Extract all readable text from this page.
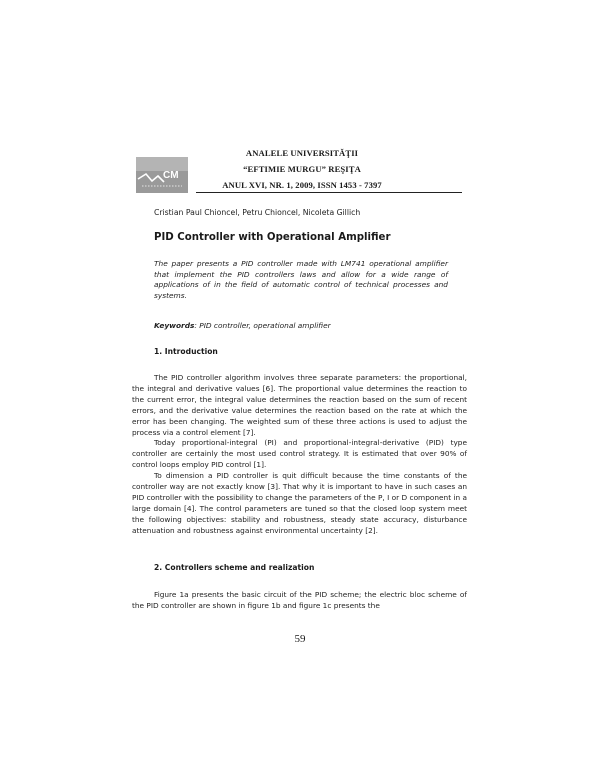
CM
ANALELE UNIVERSITĂŢII
“EFTIMIE MURGU” REŞIŢA
ANUL XVI, NR. 1, 2009, ISSN 1453 - 7397
Cristian Paul Chioncel, Petru Chioncel, Nicoleta Gillich
PID Controller with Operational Amplifier
The paper presents a PID controller made with LM741 operational amplifier that implement the PID controllers laws and allow for a wide range of applications of in the field of automatic control of technical processes and systems.
Keywords: PID controller, operational amplifier
1. Introduction

The PID controller algorithm involves three separate parameters: the proportional, the integral and derivative values [6]. The proportional value determines the reaction to the current error, the integral value determines the reaction based on the sum of recent errors, and the derivative value determines the reaction based on the rate at which the error has been changing. The weighted sum of these three actions is used to adjust the process via a control element [7].

Today proportional-integral (PI) and proportional-integral-derivative (PID) type controller are certainly the most used control strategy. It is estimated that over 90% of control loops employ PID control [1].

To dimension a PID controller is quit difficult because the time constants of the controller way are not exactly know [3]. That why it is important to have in such cases an PID controller with the possibility to change the parameters of the P, I or D component in a large domain [4]. The control parameters are tuned so that the closed loop system meet the following objectives: stability and robustness, steady state accuracy, disturbance attenuation and robustness against environmental uncertainty [2].

2. Controllers scheme and realization

Figure 1a presents the basic circuit of the PID scheme; the electric bloc scheme of the PID controller are shown in figure 1b and figure 1c presents the

59
